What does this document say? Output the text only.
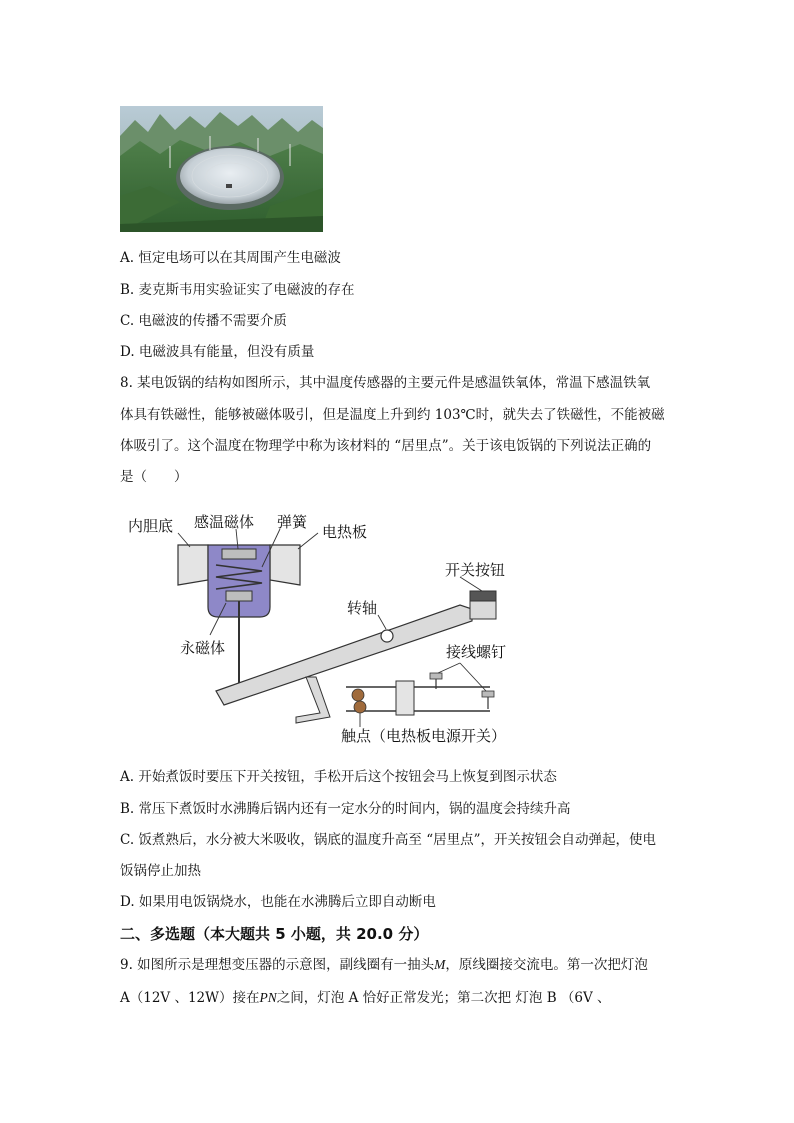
A. 恒定电场可以在其周围产生电磁波
B. 麦克斯韦用实验证实了电磁波的存在
C. 电磁波的传播不需要介质
D. 电磁波具有能量，但没有质量
8. 某电饭锅的结构如图所示，其中温度传感器的主要元件是感温铁氧体，常温下感温铁氧
体具有铁磁性，能够被磁体吸引，但是温度上升到约 103℃时，就失去了铁磁性，不能被磁
体吸引了。这个温度在物理学中称为该材料的 “居里点”。关于该电饭锅的下列说法正确的
是（　　）
内胆底 感温磁体 弹簧
电热板
开关按钮
转轴
永磁体	接线螺钉
触点（电热板电源开关）
A. 开始煮饭时要压下开关按钮，手松开后这个按钮会马上恢复到图示状态
B. 常压下煮饭时水沸腾后锅内还有一定水分的时间内，锅的温度会持续升高
C. 饭煮熟后，水分被大米吸收，锅底的温度升高至 “居里点”，开关按钮会自动弹起，使电
饭锅停止加热
D. 如果用电饭锅烧水，也能在水沸腾后立即自动断电
二、多选题（本大题共 5 小题，共 20.0 分）
9. 如图所示是理想变压器的示意图，副线圈有一抽头M，原线圈接交流电。第一次把灯泡
A（12V 、12W）接在PN之间，灯泡 A 恰好正常发光；第二次把 灯泡 B （6V 、
